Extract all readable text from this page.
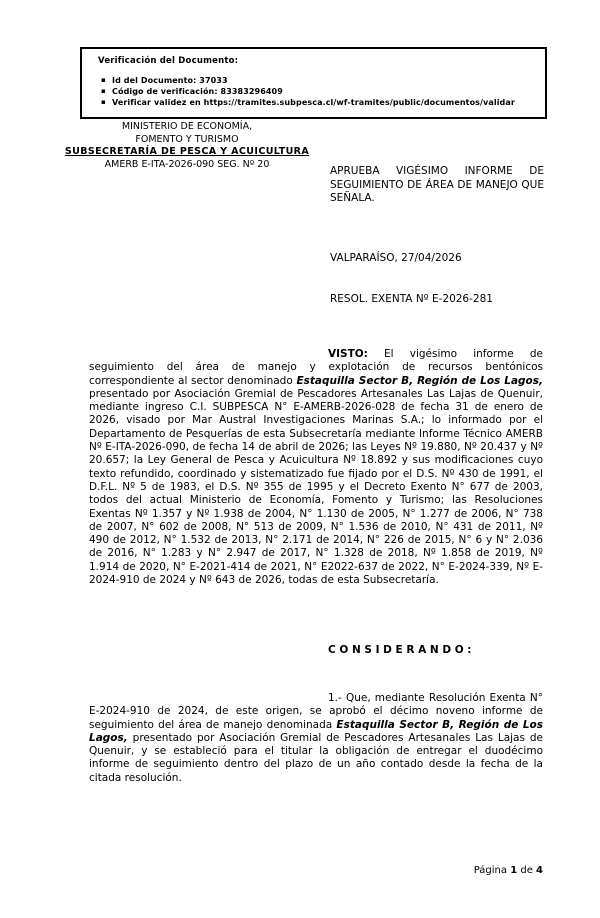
Verificación del Documento:
▪ Id del Documento: 37033
▪ Código de verificación: 83383296409
▪ Verificar validez en https://tramites.subpesca.cl/wf-tramites/public/documentos/validar
MINISTERIO DE ECONOMÍA,
FOMENTO Y TURISMO
SUBSECRETARÍA DE PESCA Y ACUICULTURA
AMERB E-ITA-2026-090 SEG. Nº 20
APRUEBA VIGÉSIMO INFORME DE SEGUIMIENTO DE ÁREA DE MANEJO QUE SEÑALA.
VALPARAÍSO, 27/04/2026
RESOL. EXENTA Nº E-2026-281

VISTO: El vigésimo informe de seguimiento del área de manejo y explotación de recursos bentónicos correspondiente al sector denominado Estaquilla Sector B, Región de Los Lagos, presentado por Asociación Gremial de Pescadores Artesanales Las Lajas de Quenuir, mediante ingreso C.I. SUBPESCA N° E-AMERB-2026-028 de fecha 31 de enero de 2026, visado por Mar Austral Investigaciones Marinas S.A.; lo informado por el Departamento de Pesquerías de esta Subsecretaría mediante Informe Técnico AMERB Nº E-ITA-2026-090, de fecha 14 de abril de 2026; las Leyes Nº 19.880, Nº 20.437 y Nº 20.657; la Ley General de Pesca y Acuicultura Nº 18.892 y sus modificaciones cuyo texto refundido, coordinado y sistematizado fue fijado por el D.S. Nº 430 de 1991, el D.F.L. Nº 5 de 1983, el D.S. Nº 355 de 1995 y el Decreto Exento N° 677 de 2003, todos del actual Ministerio de Economía, Fomento y Turismo; las Resoluciones Exentas Nº 1.357 y Nº 1.938 de 2004, N° 1.130 de 2005, N° 1.277 de 2006, N° 738 de 2007, N° 602 de 2008, N° 513 de 2009, N° 1.536 de 2010, N° 431 de 2011, Nº 490 de 2012, N° 1.532 de 2013, N° 2.171 de 2014, N° 226 de 2015, N° 6 y N° 2.036 de 2016, N° 1.283 y N° 2.947 de 2017, N° 1.328 de 2018, Nº 1.858 de 2019, Nº 1.914 de 2020, N° E-2021-414 de 2021, N° E2022-637 de 2022, N° E-2024-339, Nº E-2024-910 de 2024 y Nº 643 de 2026, todas de esta Subsecretaría.

C O N S I D E R A N D O :

1.- Que, mediante Resolución Exenta N° E-2024-910 de 2024, de este origen, se aprobó el décimo noveno informe de seguimiento del área de manejo denominada Estaquilla Sector B, Región de Los Lagos, presentado por Asociación Gremial de Pescadores Artesanales Las Lajas de Quenuir, y se estableció para el titular la obligación de entregar el duodécimo informe de seguimiento dentro del plazo de un año contado desde la fecha de la citada resolución.

Página 1 de 4
